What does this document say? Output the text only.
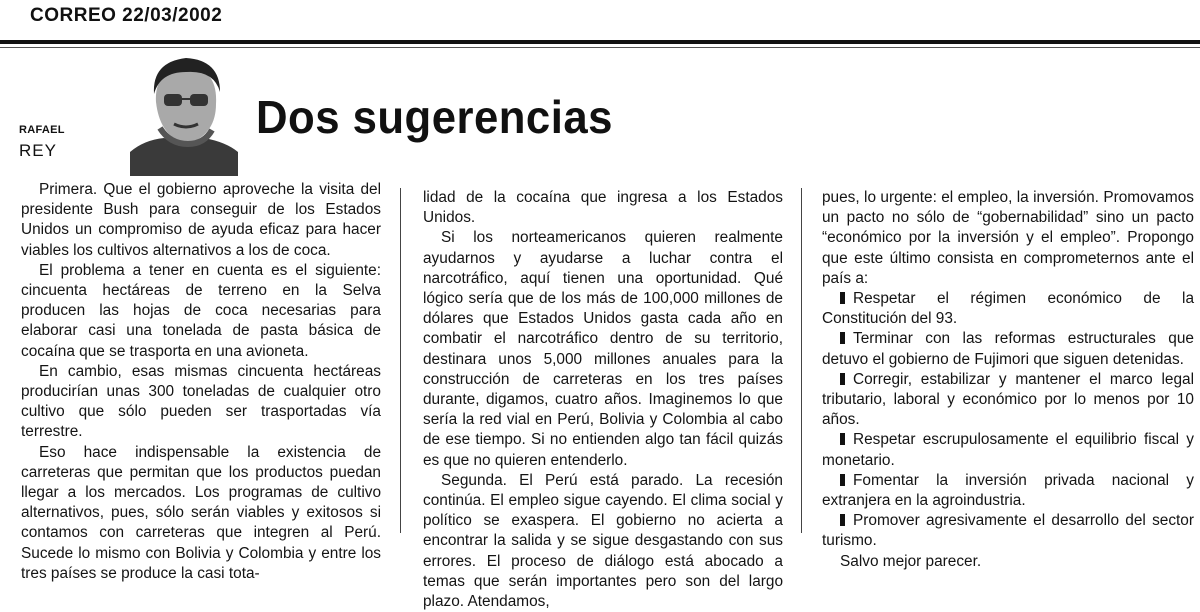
CORREO 22/03/2002
RAFAEL
REY
Dos sugerencias

Primera. Que el gobierno aproveche la visita del presidente Bush para conseguir de los Estados Unidos un compromiso de ayuda eficaz para hacer viables los cultivos alternativos a los de coca.

El problema a tener en cuenta es el siguiente: cincuenta hectáreas de terreno en la Selva producen las hojas de coca necesarias para elaborar casi una tonelada de pasta básica de cocaína que se trasporta en una avioneta.

En cambio, esas mismas cincuenta hectáreas producirían unas 300 toneladas de cualquier otro cultivo que sólo pueden ser trasportadas vía terrestre.

Eso hace indispensable la existencia de carreteras que permitan que los productos puedan llegar a los mercados. Los programas de cultivo alternativos, pues, sólo serán viables y exitosos si contamos con carreteras que integren al Perú. Sucede lo mismo con Bolivia y Colombia y entre los tres países se produce la casi tota-

lidad de la cocaína que ingresa a los Estados Unidos.

Si los norteamericanos quieren realmente ayudarnos y ayudarse a luchar contra el narcotráfico, aquí tienen una oportunidad. Qué lógico sería que de los más de 100,000 millones de dólares que Estados Unidos gasta cada año en combatir el narcotráfico dentro de su territorio, destinara unos 5,000 millones anuales para la construcción de carreteras en los tres países durante, digamos, cuatro años. Imaginemos lo que sería la red vial en Perú, Bolivia y Colombia al cabo de ese tiempo. Si no entienden algo tan fácil quizás es que no quieren entenderlo.

Segunda. El Perú está parado. La recesión continúa. El empleo sigue cayendo. El clima social y político se exaspera. El gobierno no acierta a encontrar la salida y se sigue desgastando con sus errores. El proceso de diálogo está abocado a temas que serán importantes pero son del largo plazo. Atendamos,

pues, lo urgente: el empleo, la inversión. Promovamos un pacto no sólo de “gobernabilidad” sino un pacto “económico por la inversión y el empleo”. Propongo que este último consista en comprometernos ante el país a:

Respetar el régimen económico de la Constitución del 93.

Terminar con las reformas estructurales que detuvo el gobierno de Fujimori que siguen detenidas.

Corregir, estabilizar y mantener el marco legal tributario, laboral y económico por lo menos por 10 años.

Respetar escrupulosamente el equilibrio fiscal y monetario.

Fomentar la inversión privada nacional y extranjera en la agroindustria.

Promover agresivamente el desarrollo del sector turismo.

Salvo mejor parecer.
